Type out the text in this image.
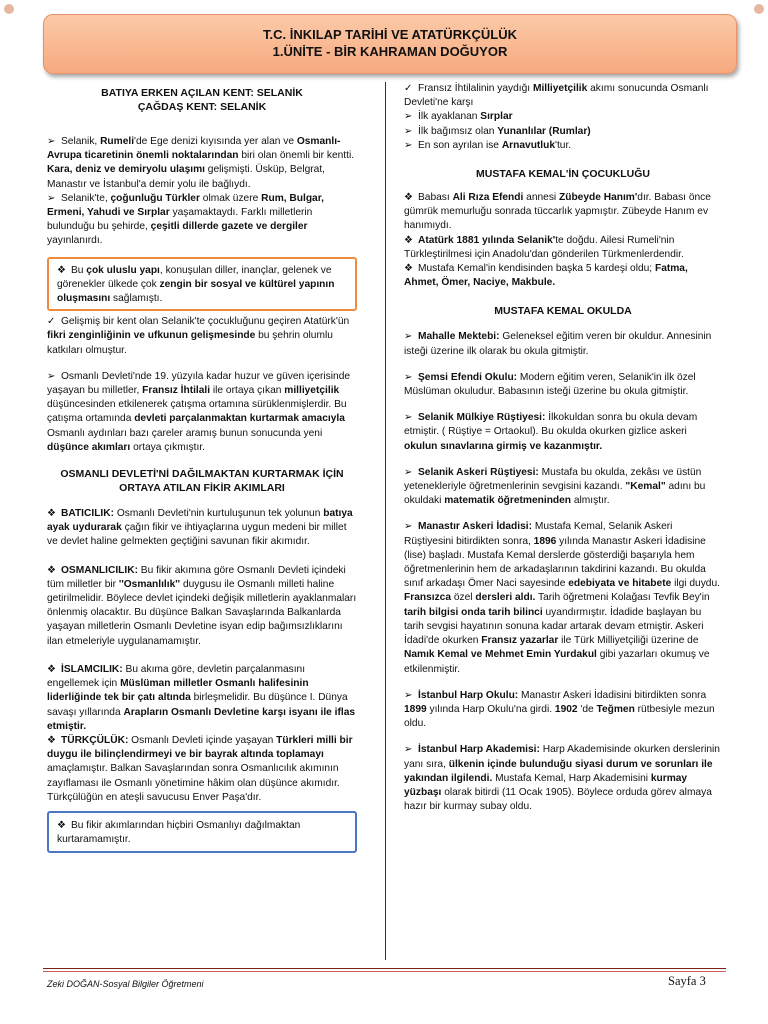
T.C. İNKILAP TARİHİ VE ATATÜRKÇÜLÜK
1.ÜNİTE - BİR KAHRAMAN DOĞUYOR

BATIYA ERKEN AÇILAN KENT: SELANİK

ÇAĞDAŞ KENT: SELANİK

➢ Selanik, Rumeli'de Ege denizi kıyısında yer alan ve Osmanlı-Avrupa ticaretinin önemli noktalarından biri olan önemli bir kentti. Kara, deniz ve demiryolu ulaşımı gelişmişti. Üsküp, Belgrat, Manastır ve İstanbul'a demir yolu ile bağlıydı.

➢ Selanik'te, çoğunluğu Türkler olmak üzere Rum, Bulgar, Ermeni, Yahudi ve Sırplar yaşamaktaydı. Farklı milletlerin bulunduğu bu şehirde, çeşitli dillerde gazete ve dergiler yayınlanırdı.

❖ Bu çok uluslu yapı, konuşulan diller, inançlar, gelenek ve görenekler ülkede çok zengin bir sosyal ve kültürel yapının oluşmasını sağlamıştı.

✓ Gelişmiş bir kent olan Selanik'te çocukluğunu geçiren Atatürk'ün fikri zenginliğinin ve ufkunun gelişmesinde bu şehrin olumlu katkıları olmuştur.

➢ Osmanlı Devleti'nde 19. yüzyıla kadar huzur ve güven içerisinde yaşayan bu milletler, Fransız İhtilali ile ortaya çıkan milliyetçilik düşüncesinden etkilenerek çatışma ortamına sürüklenmişlerdir. Bu çatışma ortamında devleti parçalanmaktan kurtarmak amacıyla Osmanlı aydınları bazı çareler aramış bunun sonucunda yeni düşünce akımları ortaya çıkmıştır.

OSMANLI DEVLETİ'Nİ DAĞILMAKTAN KURTARMAK İÇİN

ORTAYA ATILAN FİKİR AKIMLARI

❖ BATICILIK: Osmanlı Devleti'nin kurtuluşunun tek yolunun batıya ayak uydurarak çağın fikir ve ihtiyaçlarına uygun medeni bir millet ve devlet haline gelmekten geçtiğini savunan fikir akımıdır.

❖ OSMANLICILIK: Bu fikir akımına göre Osmanlı Devleti içindeki tüm milletler bir ''Osmanlılık'' duygusu ile Osmanlı milleti haline getirilmelidir. Böylece devlet içindeki değişik milletlerin ayaklanmaları önlenmiş olacaktır. Bu düşünce Balkan Savaşlarında Balkanlarda yaşayan milletlerin Osmanlı Devletine isyan edip bağımsızlıklarını ilan etmeleriyle uygulanamamıştır.

❖ İSLAMCILIK: Bu akıma göre, devletin parçalanmasını engellemek için Müslüman milletler Osmanlı halifesinin liderliğinde tek bir çatı altında birleşmelidir. Bu düşünce I. Dünya savaşı yıllarında Arapların Osmanlı Devletine karşı isyanı ile iflas etmiştir.

❖ TÜRKÇÜLÜK: Osmanlı Devleti içinde yaşayan Türkleri milli bir duygu ile bilinçlendirmeyi ve bir bayrak altında toplamayı amaçlamıştır. Balkan Savaşlarından sonra Osmanlıcılık akımının zayıflaması ile Osmanlı yönetimine hâkim olan düşünce akımıdır. Türkçülüğün en ateşli savucusu Enver Paşa'dır.

❖ Bu fikir akımlarından hiçbiri Osmanlıyı dağılmaktan kurtaramamıştır.

✓ Fransız İhtilalinin yaydığı Milliyetçilik akımı sonucunda Osmanlı Devleti'ne karşı

➢ İlk ayaklanan Sırplar

➢ İlk bağımsız olan Yunanlılar (Rumlar)

➢ En son ayrılan ise Arnavutluk'tur.

MUSTAFA KEMAL'İN ÇOCUKLUĞU

❖ Babası Ali Rıza Efendi annesi Zübeyde Hanım'dır. Babası önce gümrük memurluğu sonrada tüccarlık yapmıştır. Zübeyde Hanım ev hanımıydı.

❖ Atatürk 1881 yılında Selanik'te doğdu. Ailesi Rumeli'nin Türkleştirilmesi için Anadolu'dan gönderilen Türkmenlerdendir.

❖ Mustafa Kemal'in kendisinden başka 5 kardeşi oldu; Fatma, Ahmet, Ömer, Naciye, Makbule.

MUSTAFA KEMAL OKULDA

➢ Mahalle Mektebi: Geleneksel eğitim veren bir okuldur. Annesinin isteği üzerine ilk olarak bu okula gitmiştir.

➢ Şemsi Efendi Okulu: Modern eğitim veren, Selanik'in ilk özel Müslüman okuludur. Babasının isteği üzerine bu okula gitmiştir.

➢ Selanik Mülkiye Rüştiyesi: İlkokuldan sonra bu okula devam etmiştir. ( Rüştiye = Ortaokul). Bu okulda okurken gizlice askeri okulun sınavlarına girmiş ve kazanmıştır.

➢ Selanik Askeri Rüştiyesi: Mustafa bu okulda, zekâsı ve üstün yetenekleriyle öğretmenlerinin sevgisini kazandı. "Kemal" adını bu okuldaki matematik öğretmeninden almıştır.

➢ Manastır Askeri İdadisi: Mustafa Kemal, Selanik Askeri Rüştiyesini bitirdikten sonra, 1896 yılında Manastır Askeri İdadisine (lise) başladı. Mustafa Kemal derslerde gösterdiği başarıyla hem öğretmenlerinin hem de arkadaşlarının takdirini kazandı. Bu okulda sınıf arkadaşı Ömer Naci sayesinde edebiyata ve hitabete ilgi duydu. Fransızca özel dersleri aldı. Tarih öğretmeni Kolağası Tevfik Bey'in tarih bilgisi onda tarih bilinci uyandırmıştır. İdadide başlayan bu tarih sevgisi hayatının sonuna kadar artarak devam etmiştir. Askeri İdadi'de okurken Fransız yazarlar ile Türk Milliyetçiliği üzerine de Namık Kemal ve Mehmet Emin Yurdakul gibi yazarları okumuş ve etkilenmiştir.

➢ İstanbul Harp Okulu: Manastır Askeri İdadisini bitirdikten sonra 1899 yılında Harp Okulu'na girdi. 1902 'de Teğmen rütbesiyle mezun oldu.

➢ İstanbul Harp Akademisi: Harp Akademisinde okurken derslerinin yanı sıra, ülkenin içinde bulunduğu siyasi durum ve sorunları ile yakından ilgilendi. Mustafa Kemal, Harp Akademisini kurmay yüzbaşı olarak bitirdi (11 Ocak 1905). Böylece orduda görev almaya hazır bir kurmay subay oldu.

Zeki DOĞAN-Sosyal Bilgiler Öğretmeni	Sayfa 3
